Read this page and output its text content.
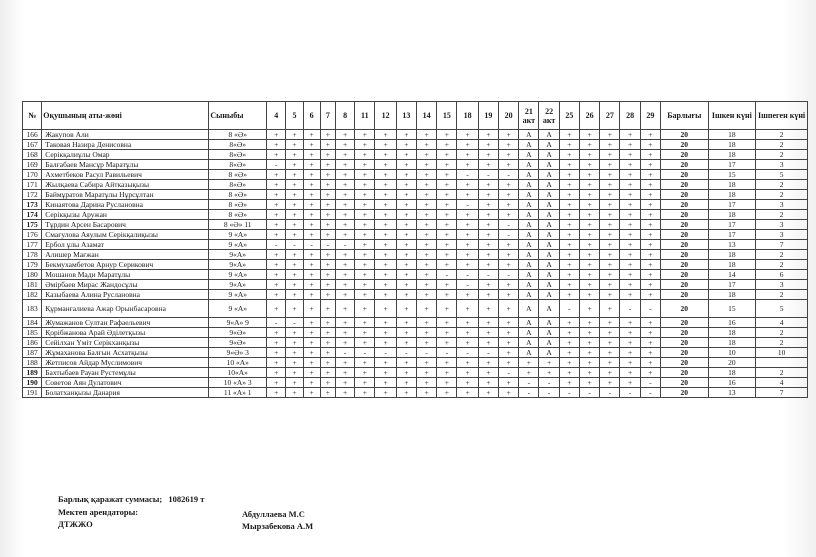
№	Оқушының аты-жөні	Сыныбы	4	5	6	7	8	11	12	13	14	15	18	19	20	21 акт	22 акт	25	26	27	28	29	Барлығы	Ішкен күні	Ішпеген күні
166	Жакупов Али	8 «Ә»	+	+	+	+	+	+	+	+	+	+	+	+	+	А	А	+	+	+	+	+	20	18	2
167	Таковая Назира Денисовна	8«Ә»	+	+	+	+	+	+	+	+	+	+	+	+	+	А	А	+	+	+	+	+	20	18	2
168	Серікқалиұлы Омар	8«Ә»	+	+	+	+	+	+	+	+	+	+	+	+	+	А	А	+	+	+	+	+	20	18	2
169	Балғабаев Мансұр Маратұлы	8«Ә»	-	+	+	+	+	+	+	+	+	+	+	+	+	А	А	+	+	+	+	+	20	17	3
170	Ахметбеков Расул Равильевич	8 «Ә»	+	+	+	+	+	+	+	+	+	+	-	-	-	А	А	+	+	+	+	+	20	15	5
171	Жылқаева Сабира Айтказықызы	8«Ә»	+	+	+	+	+	+	+	+	+	+	+	+	+	А	А	+	+	+	+	+	20	18	2
172	Баймұратов Маратұлы Нұрсұлтан	8 «Ә»	+	+	+	+	+	+	+	+	+	+	+	+	+	А	А	+	+	+	+	+	20	18	2
173	Кинаятова Дарина Руслановна	8 «Ә»	+	+	+	+	+	+	+	+	+	+	-	+	+	А	А	+	+	+	+	+	20	17	3
174	Серікқызы Аружан	8 «Ә»	+	+	+	+	+	+	+	+	+	+	+	+	+	А	А	+	+	+	+	+	20	18	2
175	Тұрдин Арсен Басарович	8 «Ә» 11	+	+	+	+	+	+	+	+	+	+	+	+	-	А	А	+	+	+	+	+	20	17	3
176	Смағулова Аяулым Серікқалиқызы	9 «А»	+	+	+	+	+	+	+	+	+	+	+	+	-	А	А	+	+	+	+	+	20	17	3
177	Ербол ұлы Азамат	9 «А»	-	-	-	-	-	+	+	+	+	+	+	+	+	А	А	+	+	+	+	+	20	13	7
178	Алишер Мағжан	9«А»	+	+	+	+	+	+	+	+	+	+	+	+	+	А	А	+	+	+	+	+	20	18	2
179	Бекмухамбетов Арнур Серикович	9«А»	+	+	+	+	+	+	+	+	+	+	+	+	+	А	А	+	+	+	+	+	20	18	2
180	Мошанов Мади Маратұлы	9 «А»	+	+	+	+	+	+	+	+	+	-	-	-	-	А	А	+	+	+	+	+	20	14	6
181	Әмірбаев Мирас Жандосұлы	9«А»	+	+	+	+	+	+	+	+	+	+	-	+	+	А	А	+	+	+	+	+	20	17	3
182	Казыбаева Алина Руслановна	9 «А»	+	+	+	+	+	+	+	+	+	+	+	+	+	А	А	+	+	+	+	+	20	18	2
183	Құрманғалиева Ажар Орынбасаровна	9 «А»	+	+	+	+	+	+	+	+	+	+	+	+	+	А	А	-	+	+	-	-	20	15	5
184	Жумажанов Султан Рафаельевич	9«А» 9	-	-	+	+	+	+	+	+	+	+	+	+	+	А	А	+	+	+	+	+	20	16	4
185	Қорібжанова Арай Әділетқызы	9«Ә»	+	+	+	+	+	+	+	+	+	+	+	+	+	А	А	+	+	+	+	+	20	18	2
186	Сейілхан Үміт Серікханқызы	9«Ә»	+	+	+	+	+	+	+	+	+	+	+	+	+	А	А	+	+	+	+	+	20	18	2
187	Жұмаханова Балғын Асхатқызы	9«Ә» 3	+	+	+	+	-	-	-	-	-	-	-	-	+	А	А	+	+	+	+	+	20	10	10
188	Жетписов Айдар Муслимович	10 «А»	+	+	+	+	+	+	+	+	+	+	+	+	+	+	+	+	+	+	+	+	20	20	
189	Бахтыбаев Рауан Рустемұлы	10«А»	+	+	+	+	+	+	+	+	+	+	+	+	-	+	+	+	+	+	+	+	20	18	2
190	Советов Аян Дулатович	10 «А» 3	+	+	+	+	+	+	+	+	+	+	+	+	+	-	-	+	+	+	+	-	20	16	4
191	Болатханқызы Данария	11 «А» 1	+	+	+	+	+	+	+	+	+	+	+	+	+	-	-	-	-	-	-	-	20	13	7
Барлық қаражат суммасы; 1082619 т
Мектеп арендаторы:	Абдуллаева М.С
ДТЖЖО	Мырзабекова А.М
